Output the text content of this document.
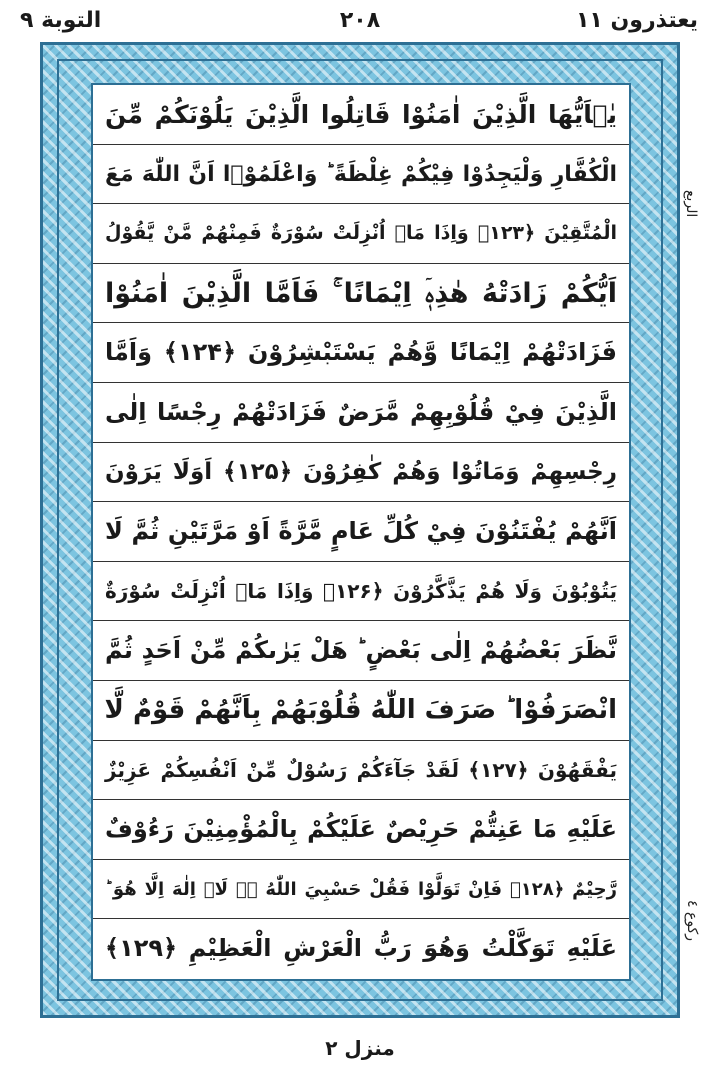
التوبة ٩	٢٠٨	يعتذرون ١١
يٰۤاَيُّهَا الَّذِيْنَ اٰمَنُوْا قَاتِلُوا الَّذِيْنَ يَلُوْنَكُمْ مِّنَ
الْكُفَّارِ وَلْيَجِدُوْا فِيْكُمْ غِلْظَةً ؕ وَاعْلَمُوْۤا اَنَّ اللّٰهَ مَعَ
الْمُتَّقِيْنَ ﴿۱۲۳﴾ وَاِذَا مَاۤ اُنْزِلَتْ سُوْرَةٌ فَمِنْهُمْ مَّنْ يَّقُوْلُ
اَيُّكُمْ زَادَتْهُ هٰذِهٖۤ اِيْمَانًا ۚ فَاَمَّا الَّذِيْنَ اٰمَنُوْا
فَزَادَتْهُمْ اِيْمَانًا وَّهُمْ يَسْتَبْشِرُوْنَ ﴿۱۲۴﴾ وَاَمَّا
الَّذِيْنَ فِيْ قُلُوْبِهِمْ مَّرَضٌ فَزَادَتْهُمْ رِجْسًا اِلٰى
رِجْسِهِمْ وَمَاتُوْا وَهُمْ كٰفِرُوْنَ ﴿۱۲۵﴾ اَوَلَا يَرَوْنَ
اَنَّهُمْ يُفْتَنُوْنَ فِيْ كُلِّ عَامٍ مَّرَّةً اَوْ مَرَّتَيْنِ ثُمَّ لَا
يَتُوْبُوْنَ وَلَا هُمْ يَذَّكَّرُوْنَ ﴿۱۲۶﴾ وَاِذَا مَاۤ اُنْزِلَتْ سُوْرَةٌ
نَّظَرَ بَعْضُهُمْ اِلٰى بَعْضٍ ؕ هَلْ يَرٰىكُمْ مِّنْ اَحَدٍ ثُمَّ
انْصَرَفُوْا ؕ صَرَفَ اللّٰهُ قُلُوْبَهُمْ بِاَنَّهُمْ قَوْمٌ لَّا
يَفْقَهُوْنَ ﴿۱۲۷﴾ لَقَدْ جَآءَكُمْ رَسُوْلٌ مِّنْ اَنْفُسِكُمْ عَزِيْزٌ
عَلَيْهِ مَا عَنِتُّمْ حَرِيْصٌ عَلَيْكُمْ بِالْمُؤْمِنِيْنَ رَءُوْفٌ
رَّحِيْمٌ ﴿۱۲۸﴾ فَاِنْ تَوَلَّوْا فَقُلْ حَسْبِيَ اللّٰهُ ۖۗ لَاۤ اِلٰهَ اِلَّا هُوَ ؕ
عَلَيْهِ تَوَكَّلْتُ وَهُوَ رَبُّ الْعَرْشِ الْعَظِيْمِ ﴿۱۲۹﴾
الربع
ركوع ٤
منزل ٢
